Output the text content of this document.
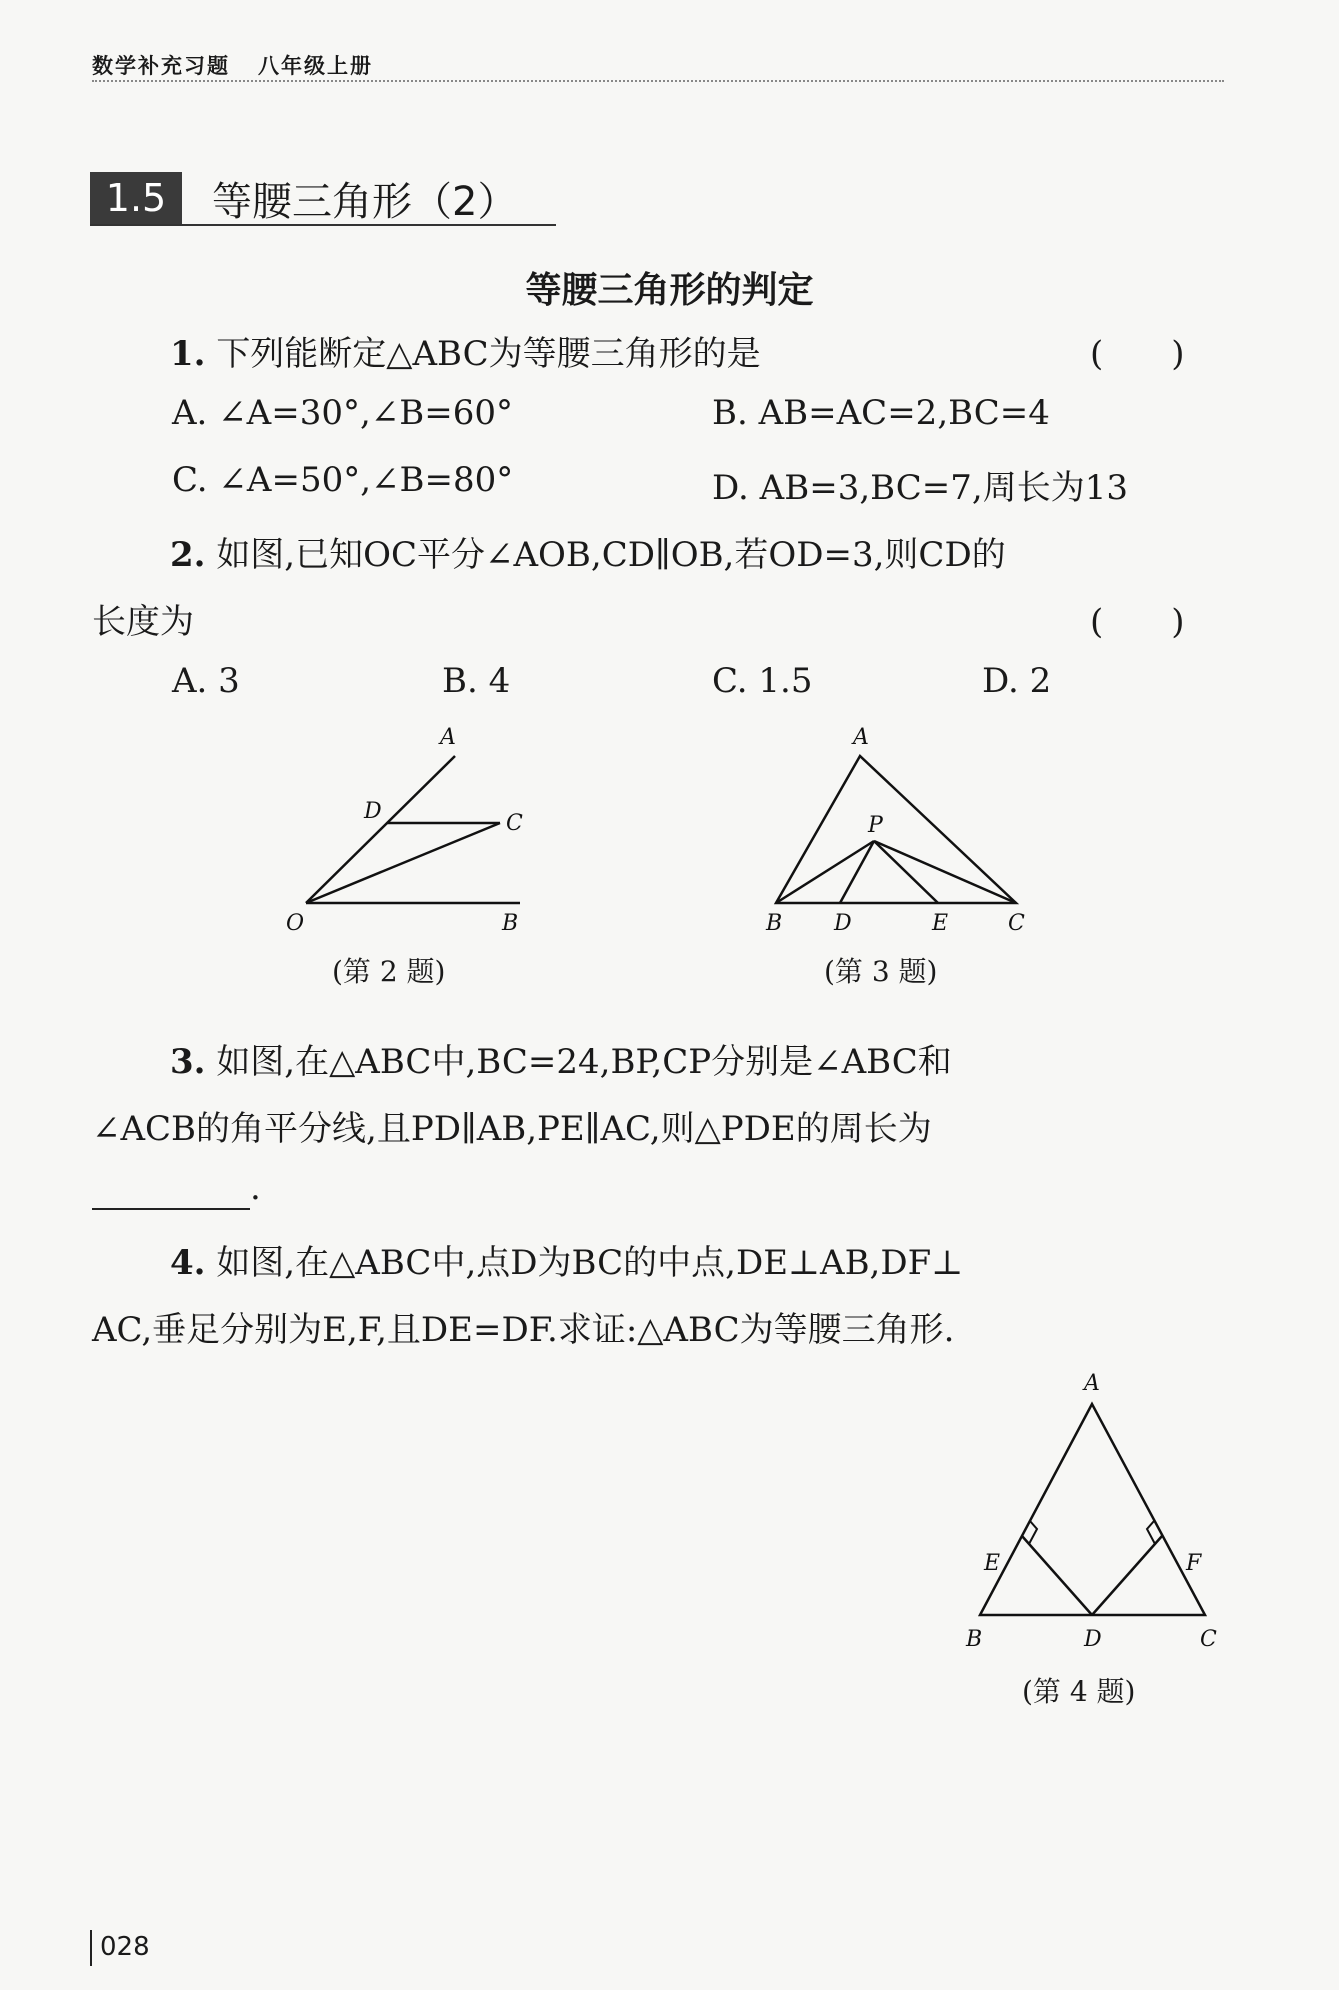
数学补充习题 八年级上册
1.5	等腰三角形（2）
等腰三角形的判定
1. 下列能断定△ABC为等腰三角形的是	(　　)
A. ∠A=30°,∠B=60°	B. AB=AC=2,BC=4
C. ∠A=50°,∠B=80°	D. AB=3,BC=7,周长为13
2. 如图,已知OC平分∠AOB,CD∥OB,若OD=3,则CD的
长度为	(　　)
A. 3	B. 4	C. 1.5	D. 2
A
D	C
O	B
(第 2 题)
A
P
B D	E	C
(第 3 题)
3. 如图,在△ABC中,BC=24,BP,CP分别是∠ABC和
∠ACB的角平分线,且PD∥AB,PE∥AC,则△PDE的周长为
.
4. 如图,在△ABC中,点D为BC的中点,DE⊥AB,DF⊥
AC,垂足分别为E,F,且DE=DF.求证:△ABC为等腰三角形.
A
E	F
B	D	C
(第 4 题)
028
